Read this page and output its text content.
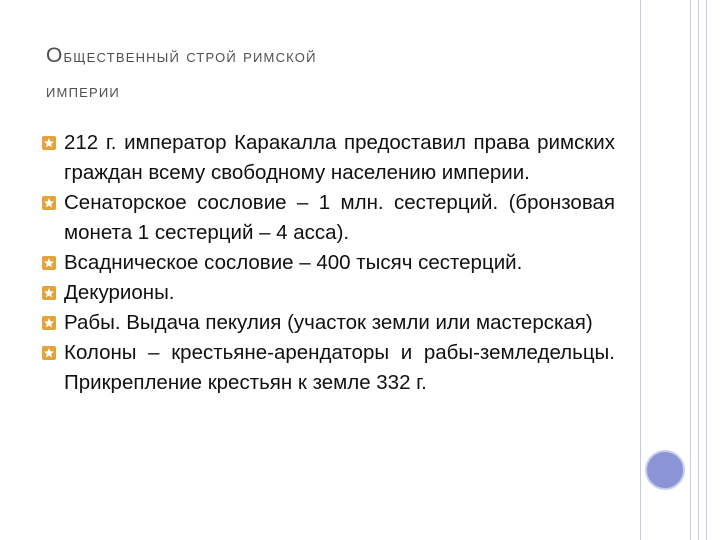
Общественный строй римской
империи
212 г. император Каракалла предоставил права римских граждан всему свободному населению империи.
Сенаторское сословие – 1 млн. сестерций. (бронзовая монета 1 сестерций – 4 асса).
Всадническое сословие – 400 тысяч сестерций.
Декурионы.
Рабы. Выдача пекулия (участок земли или мастерская)
Колоны – крестьяне-арендаторы и рабы-земледельцы. Прикрепление крестьян к земле 332 г.
